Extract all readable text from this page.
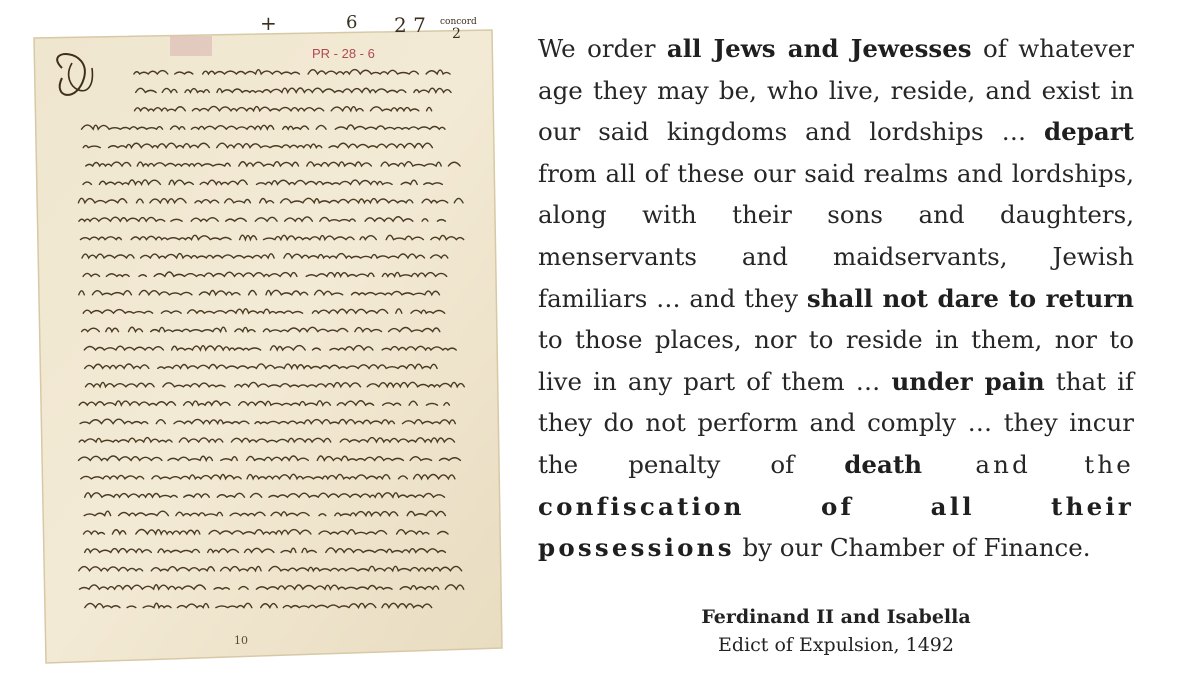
+	6 2 7 concord
2
PR - 28 - 6
10
We order all Jews and Jewesses of whatever age they may be, who live, reside, and exist in our said kingdoms and lordships … depart from all of these our said realms and lordships, along with their sons and daughters, menservants and maidservants, Jewish familiars … and they shall not dare to return to those places, nor to reside in them, nor to live in any part of them … under pain that if they do not perform and comply … they incur the penalty of death and the confiscation of all their possessions by our Chamber of Finance.
Ferdinand II and Isabella
Edict of Expulsion, 1492
